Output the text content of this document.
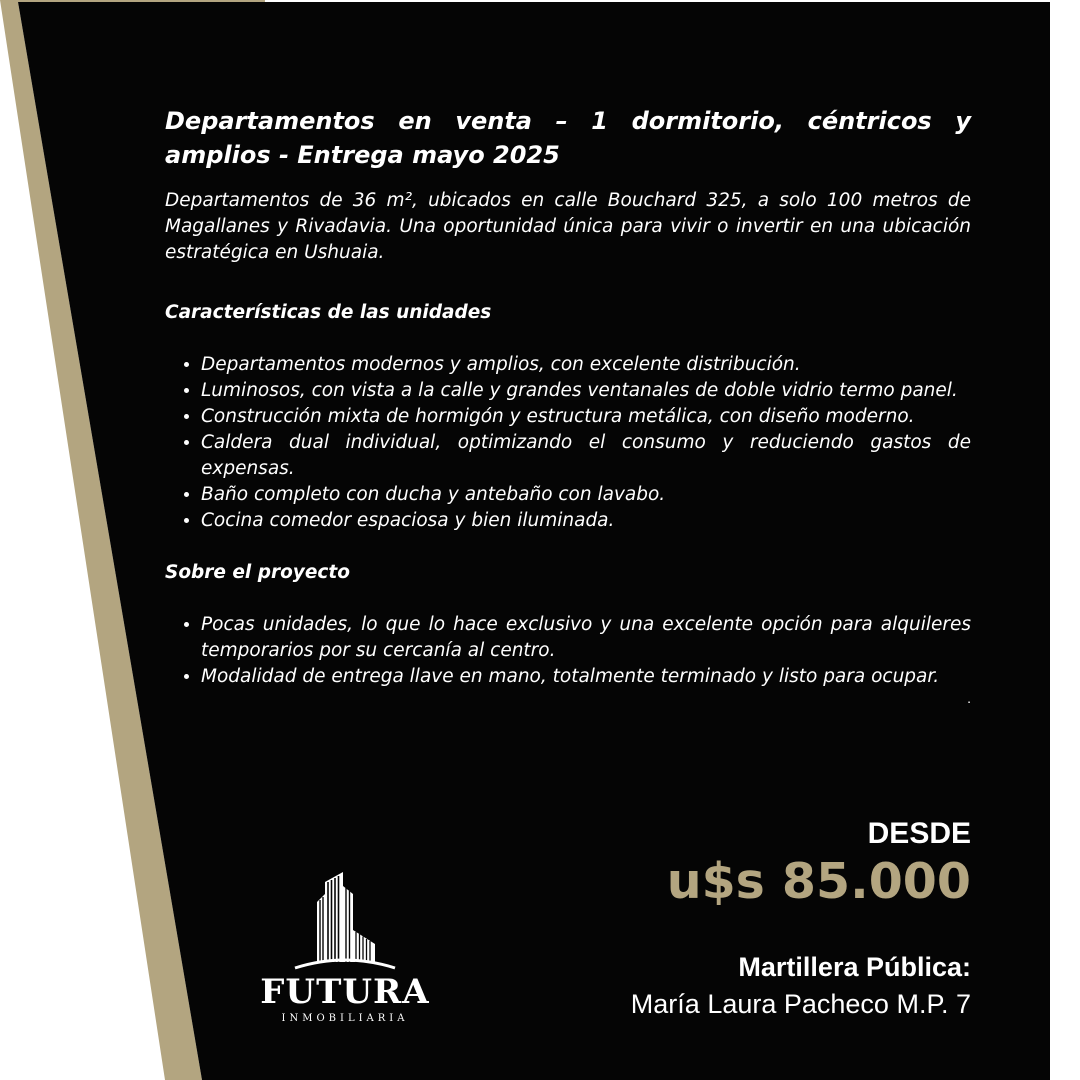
Departamentos en venta – 1 dormitorio, céntricos y amplios - Entrega mayo 2025

Departamentos de 36 m², ubicados en calle Bouchard 325, a solo 100 metros de Magallanes y Rivadavia. Una oportunidad única para vivir o invertir en una ubicación estratégica en Ushuaia.

Características de las unidades

• Departamentos modernos y amplios, con excelente distribución.
• Luminosos, con vista a la calle y grandes ventanales de doble vidrio termo panel.
• Construcción mixta de hormigón y estructura metálica, con diseño moderno.
• Caldera dual individual, optimizando el consumo y reduciendo gastos de expensas.
• Baño completo con ducha y antebaño con lavabo.
• Cocina comedor espaciosa y bien iluminada.

Sobre el proyecto

• Pocas unidades, lo que lo hace exclusivo y una excelente opción para alquileres temporarios por su cercanía al centro.
• Modalidad de entrega llave en mano, totalmente terminado y listo para ocupar.

.

DESDE
u$s 85.000
Martillera Pública:
María Laura Pacheco M.P. 7
FUTURA
INMOBILIARIA
